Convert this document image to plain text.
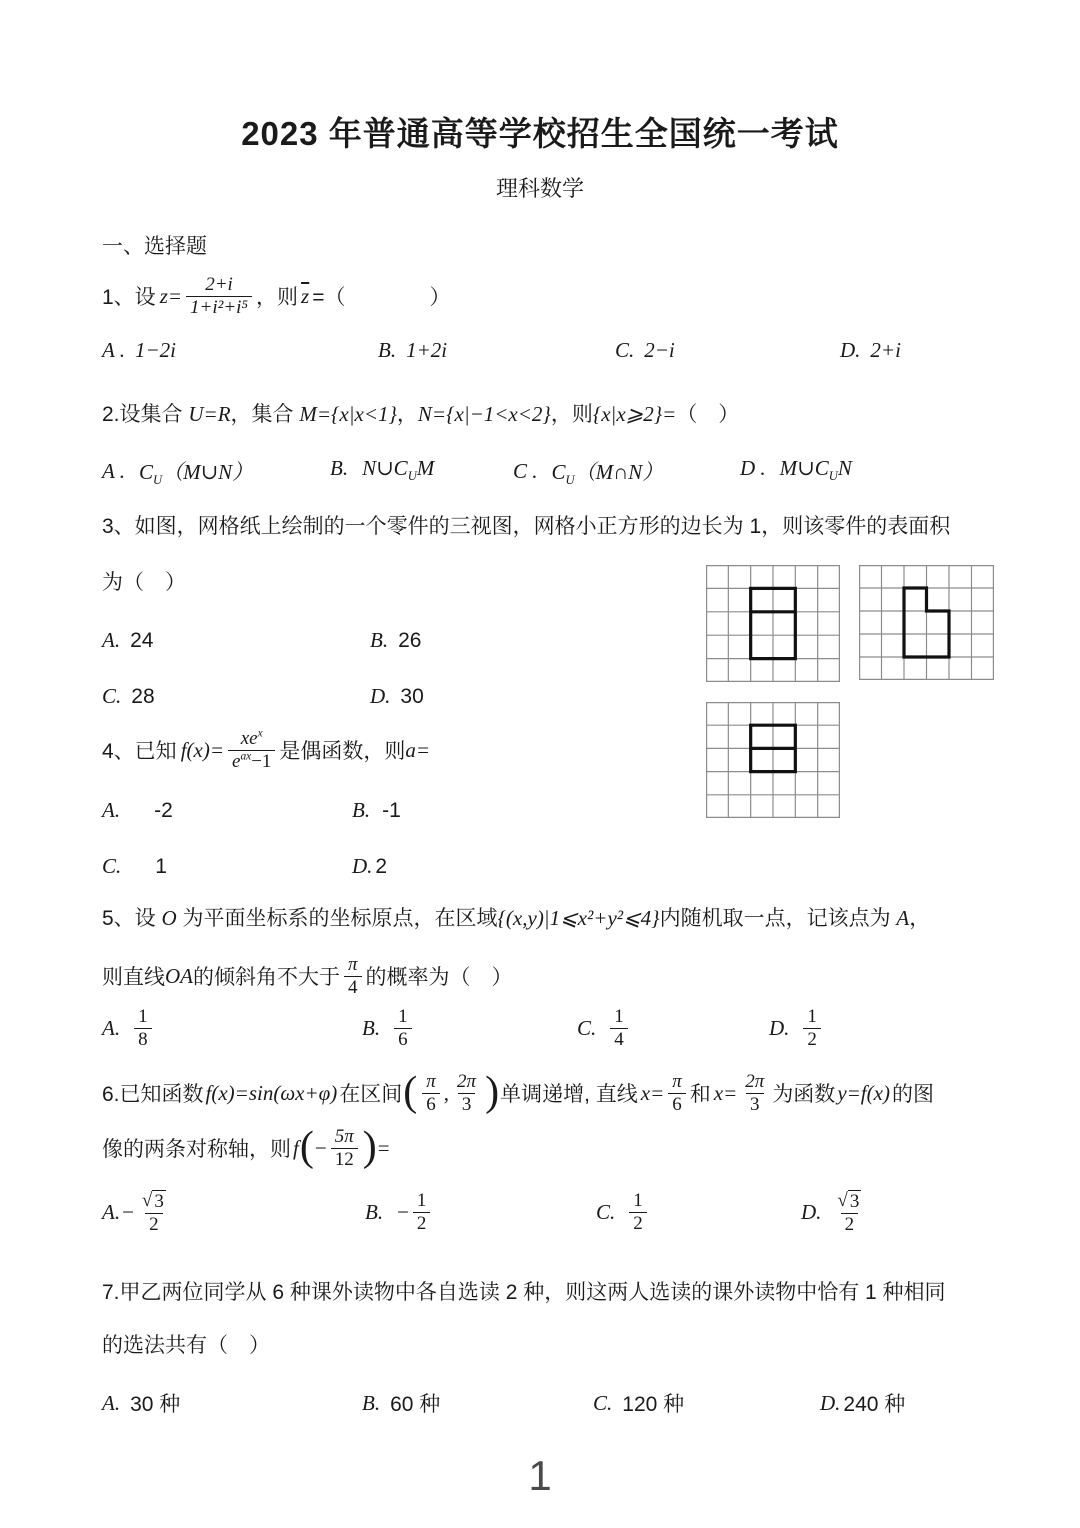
2023 年普通高等学校招生全国统一考试
理科数学
一、选择题
1、设 $z= \frac{2+i}{\text{1+i²+i⁵}}$ ，则 $\overline{z}$ =（　　　　）
A . 1−2i	B. 1+2i	C. 2−i	D. 2+i
2.设集合 U=R，集合 M={x|x<1}，N={x|−1<x<2}，则{x|x⩾2}=（　）
A . $C_U(M\cup N)$	B. $N\cup C_UM$	C . $C_U(M\cap N)$	D . $M\cup C_UN$
3、如图，网格纸上绘制的一个零件的三视图，网格小正方形的边长为 1，则该零件的表面积
为（　）
A. 24	B. 26
C. 28	D. 30
4、已知 $f(x)= \frac{xe^x}{e^{ax}-1}$ 是偶函数，则 a=
A. -2	B. -1
C. 1	D. 2
5、设 O 为平面坐标系的坐标原点，在区域{(x,y)|1⩽x²+y²⩽4}内随机取一点，记该点为 A，
则直线 OA 的倾斜角不大于 $\frac{\pi}{4}$ 的概率为（　）
A. $\frac{1}{8}$	B. $\frac{1}{6}$	C. $\frac{1}{4}$	D. $\frac{1}{2}$
6.已知函数 f(x)=sin(ωx+φ) 在区间 ( $\frac{\pi}{6}$ , $\frac{2\pi}{3}$ ) 单调递增, 直线 $x= \frac{\pi}{6}$ 和 $x= \frac{2\pi}{3}$ 为函数 y=f(x) 的图
像的两条对称轴，则 f ( − $\frac{5\pi}{12}$ ) =
A. − $\frac{√ 3}{2}$	B. − $\frac{1}{2}$	C. $\frac{1}{2}$	D. $\frac{√ 3}{2}$
7.甲乙两位同学从 6 种课外读物中各自选读 2 种，则这两人选读的课外读物中恰有 1 种相同
的选法共有（　）
A. 30 种	B. 60 种	C. 120 种	D. 240 种
1
